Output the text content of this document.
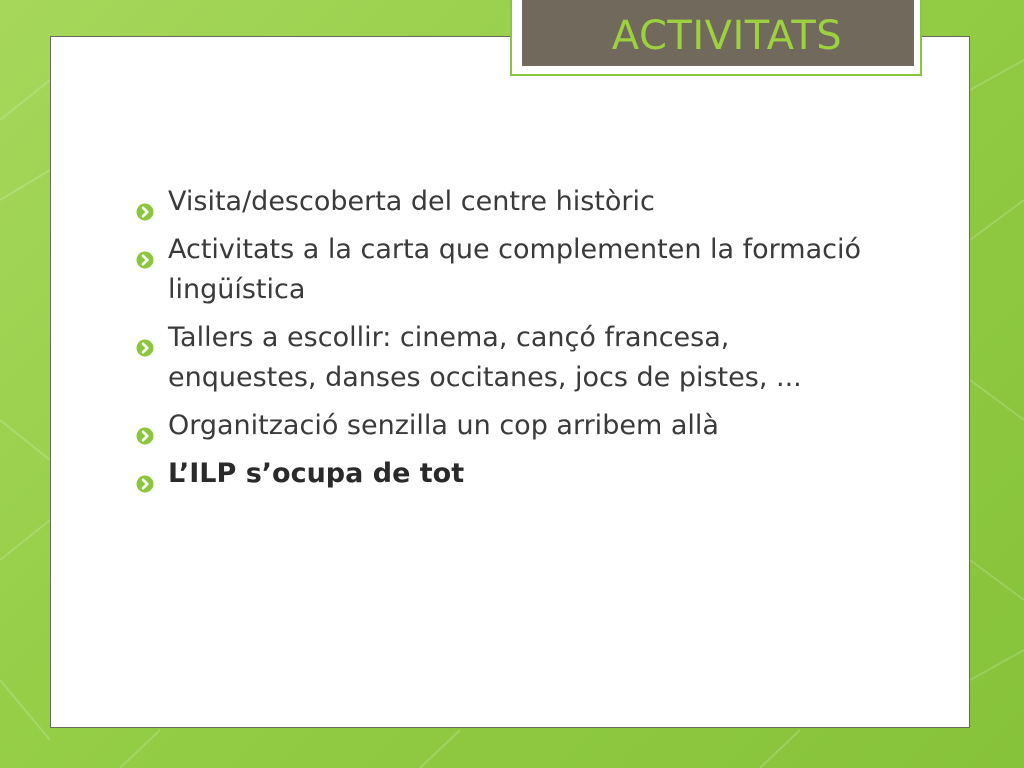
ACTIVITATS
Visita/descoberta del centre històric
Activitats a la carta que complementen la formació lingüística
Tallers a escollir: cinema, cançó francesa, enquestes, danses occitanes, jocs de pistes, ...
Organització senzilla un cop arribem allà
L’ILP s’ocupa de tot
